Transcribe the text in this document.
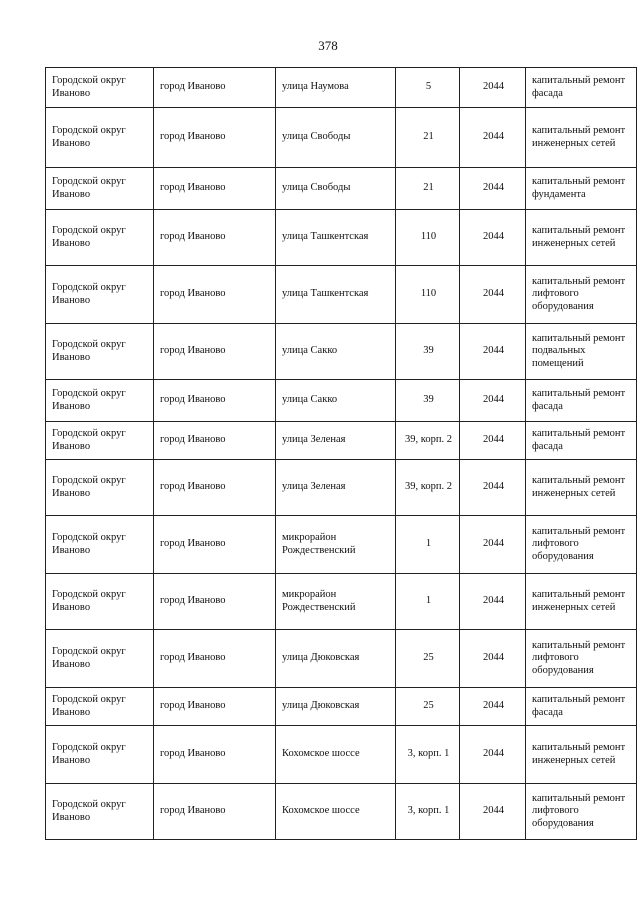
378
Городской округ Иваново	город Иваново	улица Наумова	5	2044	капитальный ремонт фасада
Городской округ Иваново	город Иваново	улица Свободы	21	2044	капитальный ремонт инженерных сетей
Городской округ Иваново	город Иваново	улица Свободы	21	2044	капитальный ремонт фундамента
Городской округ Иваново	город Иваново	улица Ташкентская	110	2044	капитальный ремонт инженерных сетей
Городской округ Иваново	город Иваново	улица Ташкентская	110	2044	капитальный ремонт лифтового оборудования
Городской округ Иваново	город Иваново	улица Сакко	39	2044	капитальный ремонт подвальных помещений
Городской округ Иваново	город Иваново	улица Сакко	39	2044	капитальный ремонт фасада
Городской округ Иваново	город Иваново	улица Зеленая	39, корп. 2	2044	капитальный ремонт фасада
Городской округ Иваново	город Иваново	улица Зеленая	39, корп. 2	2044	капитальный ремонт инженерных сетей
Городской округ Иваново	город Иваново	микрорайон Рождественский	1	2044	капитальный ремонт лифтового оборудования
Городской округ Иваново	город Иваново	микрорайон Рождественский	1	2044	капитальный ремонт инженерных сетей
Городской округ Иваново	город Иваново	улица Дюковская	25	2044	капитальный ремонт лифтового оборудования
Городской округ Иваново	город Иваново	улица Дюковская	25	2044	капитальный ремонт фасада
Городской округ Иваново	город Иваново	Кохомское шоссе	3, корп. 1	2044	капитальный ремонт инженерных сетей
Городской округ Иваново	город Иваново	Кохомское шоссе	3, корп. 1	2044	капитальный ремонт лифтового оборудования
